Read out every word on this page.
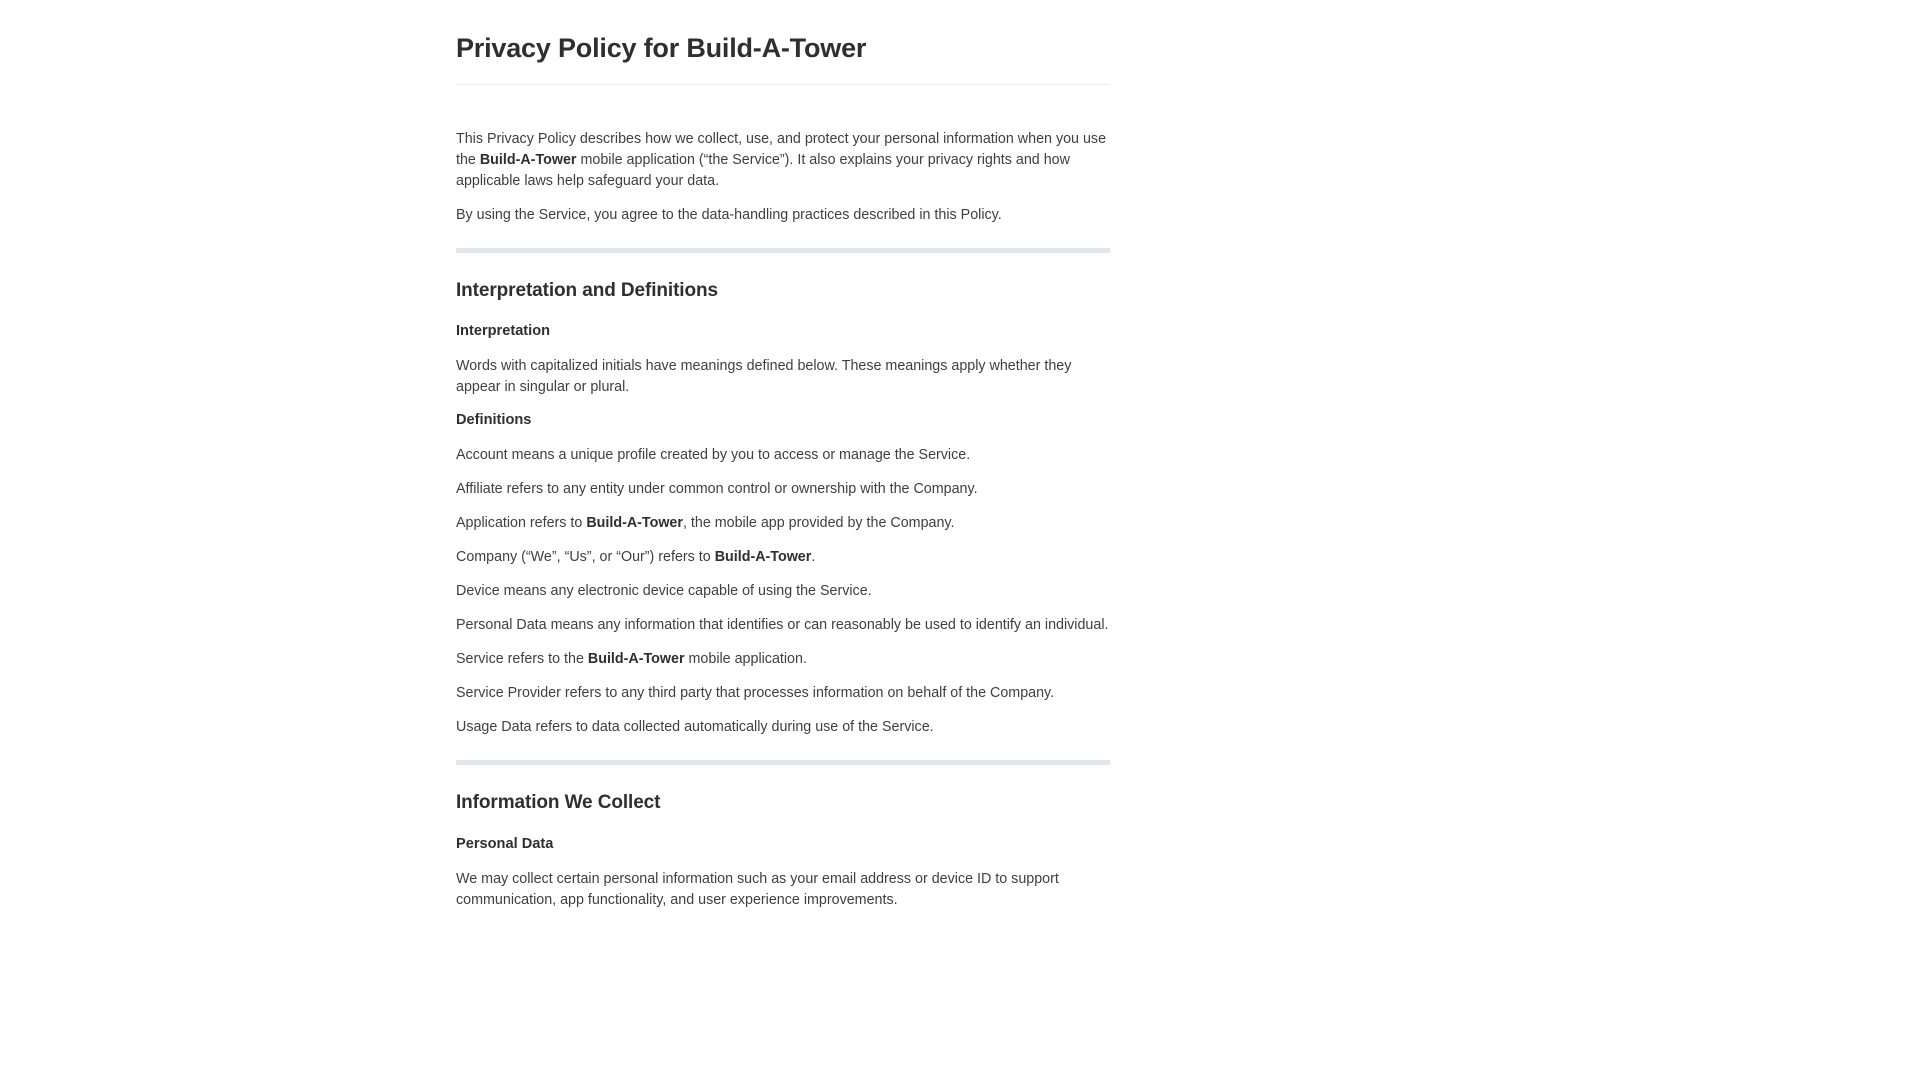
Privacy Policy for Build-A-Tower

This Privacy Policy describes how we collect, use, and protect your personal information when you use the Build-A-Tower mobile application (“the Service”). It also explains your privacy rights and how applicable laws help safeguard your data.

By using the Service, you agree to the data-handling practices described in this Policy.

Interpretation and Definitions
Interpretation

Words with capitalized initials have meanings defined below. These meanings apply whether they appear in singular or plural.

Definitions

Account means a unique profile created by you to access or manage the Service.

Affiliate refers to any entity under common control or ownership with the Company.

Application refers to Build-A-Tower, the mobile app provided by the Company.

Company (“We”, “Us”, or “Our”) refers to Build-A-Tower.

Device means any electronic device capable of using the Service.

Personal Data means any information that identifies or can reasonably be used to identify an individual.

Service refers to the Build-A-Tower mobile application.

Service Provider refers to any third party that processes information on behalf of the Company.

Usage Data refers to data collected automatically during use of the Service.

Information We Collect
Personal Data

We may collect certain personal information such as your email address or device ID to support communication, app functionality, and user experience improvements.
